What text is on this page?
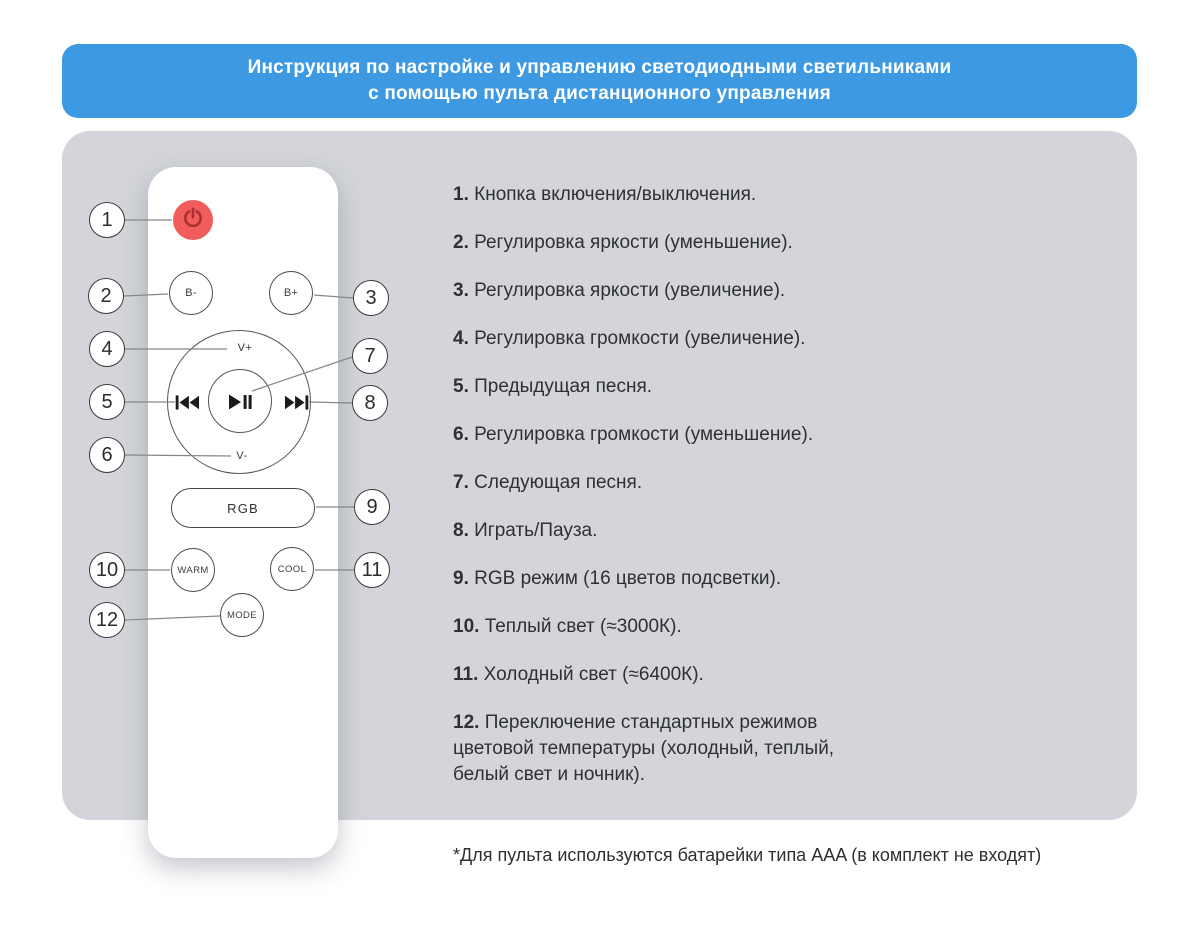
Инструкция по настройке и управлению светодиодными светильниками
с помощью пульта дистанционного управления
B-	B+
V+
V-
RGB
WARM	COOL
MODE
1
2	3
4
5
6
7
8
9
10	11
12
1. Кнопка включения/выключения.
2. Регулировка яркости (уменьшение).
3. Регулировка яркости (увеличение).
4. Регулировка громкости (увеличение).
5. Предыдущая песня.
6. Регулировка громкости (уменьшение).
7. Следующая песня.
8. Играть/Пауза.
9. RGB режим (16 цветов подсветки).
10. Теплый свет (≈3000К).
11. Холодный свет (≈6400К).
12. Переключение стандартных режимов
цветовой температуры (холодный, теплый,
белый свет и ночник).
*Для пульта используются батарейки типа AAA (в комплект не входят)
